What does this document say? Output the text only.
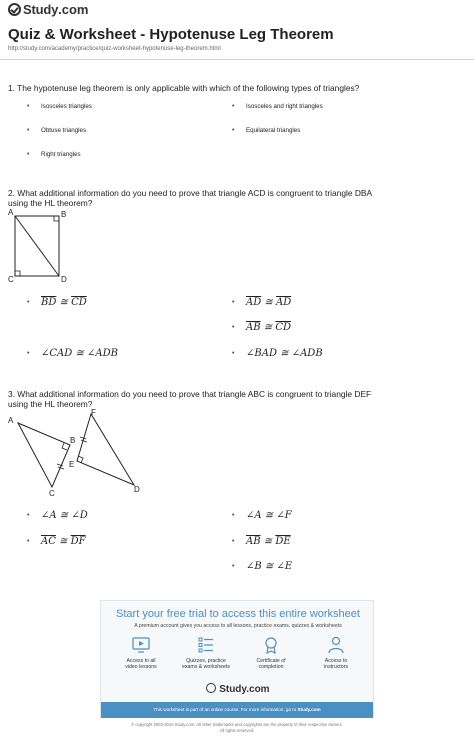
Study .com
Quiz & Worksheet - Hypotenuse Leg Theorem
http://study.com/academy/practice/quiz-worksheet-hypotenuse-leg-theorem.html
1. The hypotenuse leg theorem is only applicable with which of the following types of triangles?
•	Isosceles triangles	•	Isosceles and right triangles
•	Obtuse triangles	•	Equilateral triangles
•	Right triangles
2. What additional information do you need to prove that triangle ACD is congruent to triangle DBA using the HL theorem?
A	B
C	D
•	$\overline{BD}$ ≅ $\overline{CD}$	•	$\overline{AD}$ ≅ $\overline{AD}$
•	$\overline{AB}$ ≅ $\overline{CD}$
•	∠CAD ≅ ∠ADB	•	∠BAD ≅ ∠ADB
3. What additional information do you need to prove that triangle ABC is congruent to triangle DEF using the HL theorem?
A
B
C	D
E
F
•	∠A ≅ ∠D	•	∠A ≅ ∠F
•	$\overline{AC}$ ≅ $\overline{DF}$	•	$\overline{AB}$ ≅ $\overline{DE}$
•	∠B ≅ ∠E
Start your free trial to access this entire worksheet
A premium account gives you access to all lessons, practice exams, quizzes & worksheets
Access to all
video lessons
Quizzes, practice
exams & worksheets
Certificate of
completion
Access to
instructors
Study.com
This worksheet is part of an online course. For more information, go to Study.com
© copyright 2003-2015 Study.com. All other trademarks and copyrights are the property of their respective owners.
All rights reserved.
